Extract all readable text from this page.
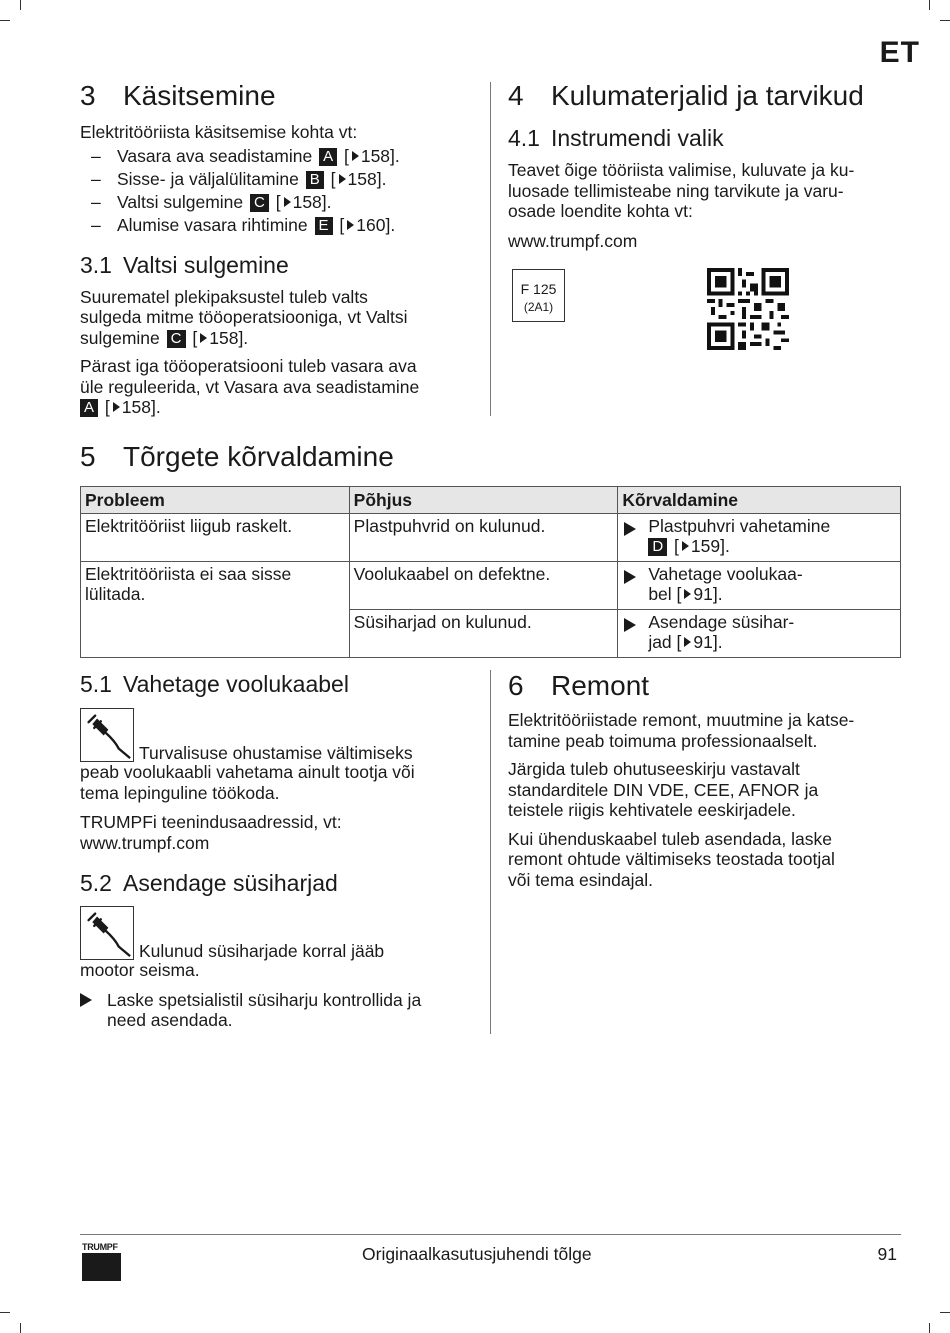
ET
3 Käsitsemine

Elektritööriista käsitsemise kohta vt:

– Vasara ava seadistamine A [ 158].
– Sisse- ja väljalülitamine B [ 158].
– Valtsi sulgemine C [ 158].
– Alumise vasara rihtimine E [ 160].
3.1 Valtsi sulgemine

Suurematel plekipaksustel tuleb valts
sulgeda mitme tööoperatsiooniga, vt Valtsi
sulgemine C [ 158].

Pärast iga tööoperatsiooni tuleb vasara ava
üle reguleerida, vt Vasara ava seadistamine
A [ 158].

4 Kulumaterjalid ja tarvikud
4.1 Instrumendi valik

Teavet õige tööriista valimise, kuluvate ja ku-
luosade tellimisteabe ning tarvikute ja varu-
osade loendite kohta vt:

www.trumpf.com

F 125
(2A1)
5 Tõrgete kõrvaldamine
Probleem	Põhjus	Kõrvaldamine
Elektritööriist liigub raskelt.	Plastpuhvrid on kulunud.	Plastpuhvri vahetamine
D [ 159].

Elektritööriista ei saa sisse
lülitada.	Voolukaabel on defektne.	Vahetage voolukaa-
bel [ 91].

	Süsiharjad on kulunud.	Asendage süsihar-
jad [ 91].
5.1 Vahetage voolukaabel

Turvalisuse ohustamise vältimiseks

peab voolukaabli vahetama ainult tootja või
tema lepinguline töökoda.

TRUMPFi teenindusaadressid, vt:
www.trumpf.com

5.2 Asendage süsiharjad

Kulunud süsiharjade korral jääb

mootor seisma.

Laske spetsialistil süsiharju kontrollida ja
need asendada.

6 Remont

Elektritööriistade remont, muutmine ja katse-
tamine peab toimuma professionaalselt.

Järgida tuleb ohutuseeskirju vastavalt
standarditele DIN VDE, CEE, AFNOR ja
teistele riigis kehtivatele eeskirjadele.

Kui ühenduskaabel tuleb asendada, laske
remont ohtude vältimiseks teostada tootjal
või tema esindajal.

TRUMPF	Originaalkasutusjuhendi tõlge	91
